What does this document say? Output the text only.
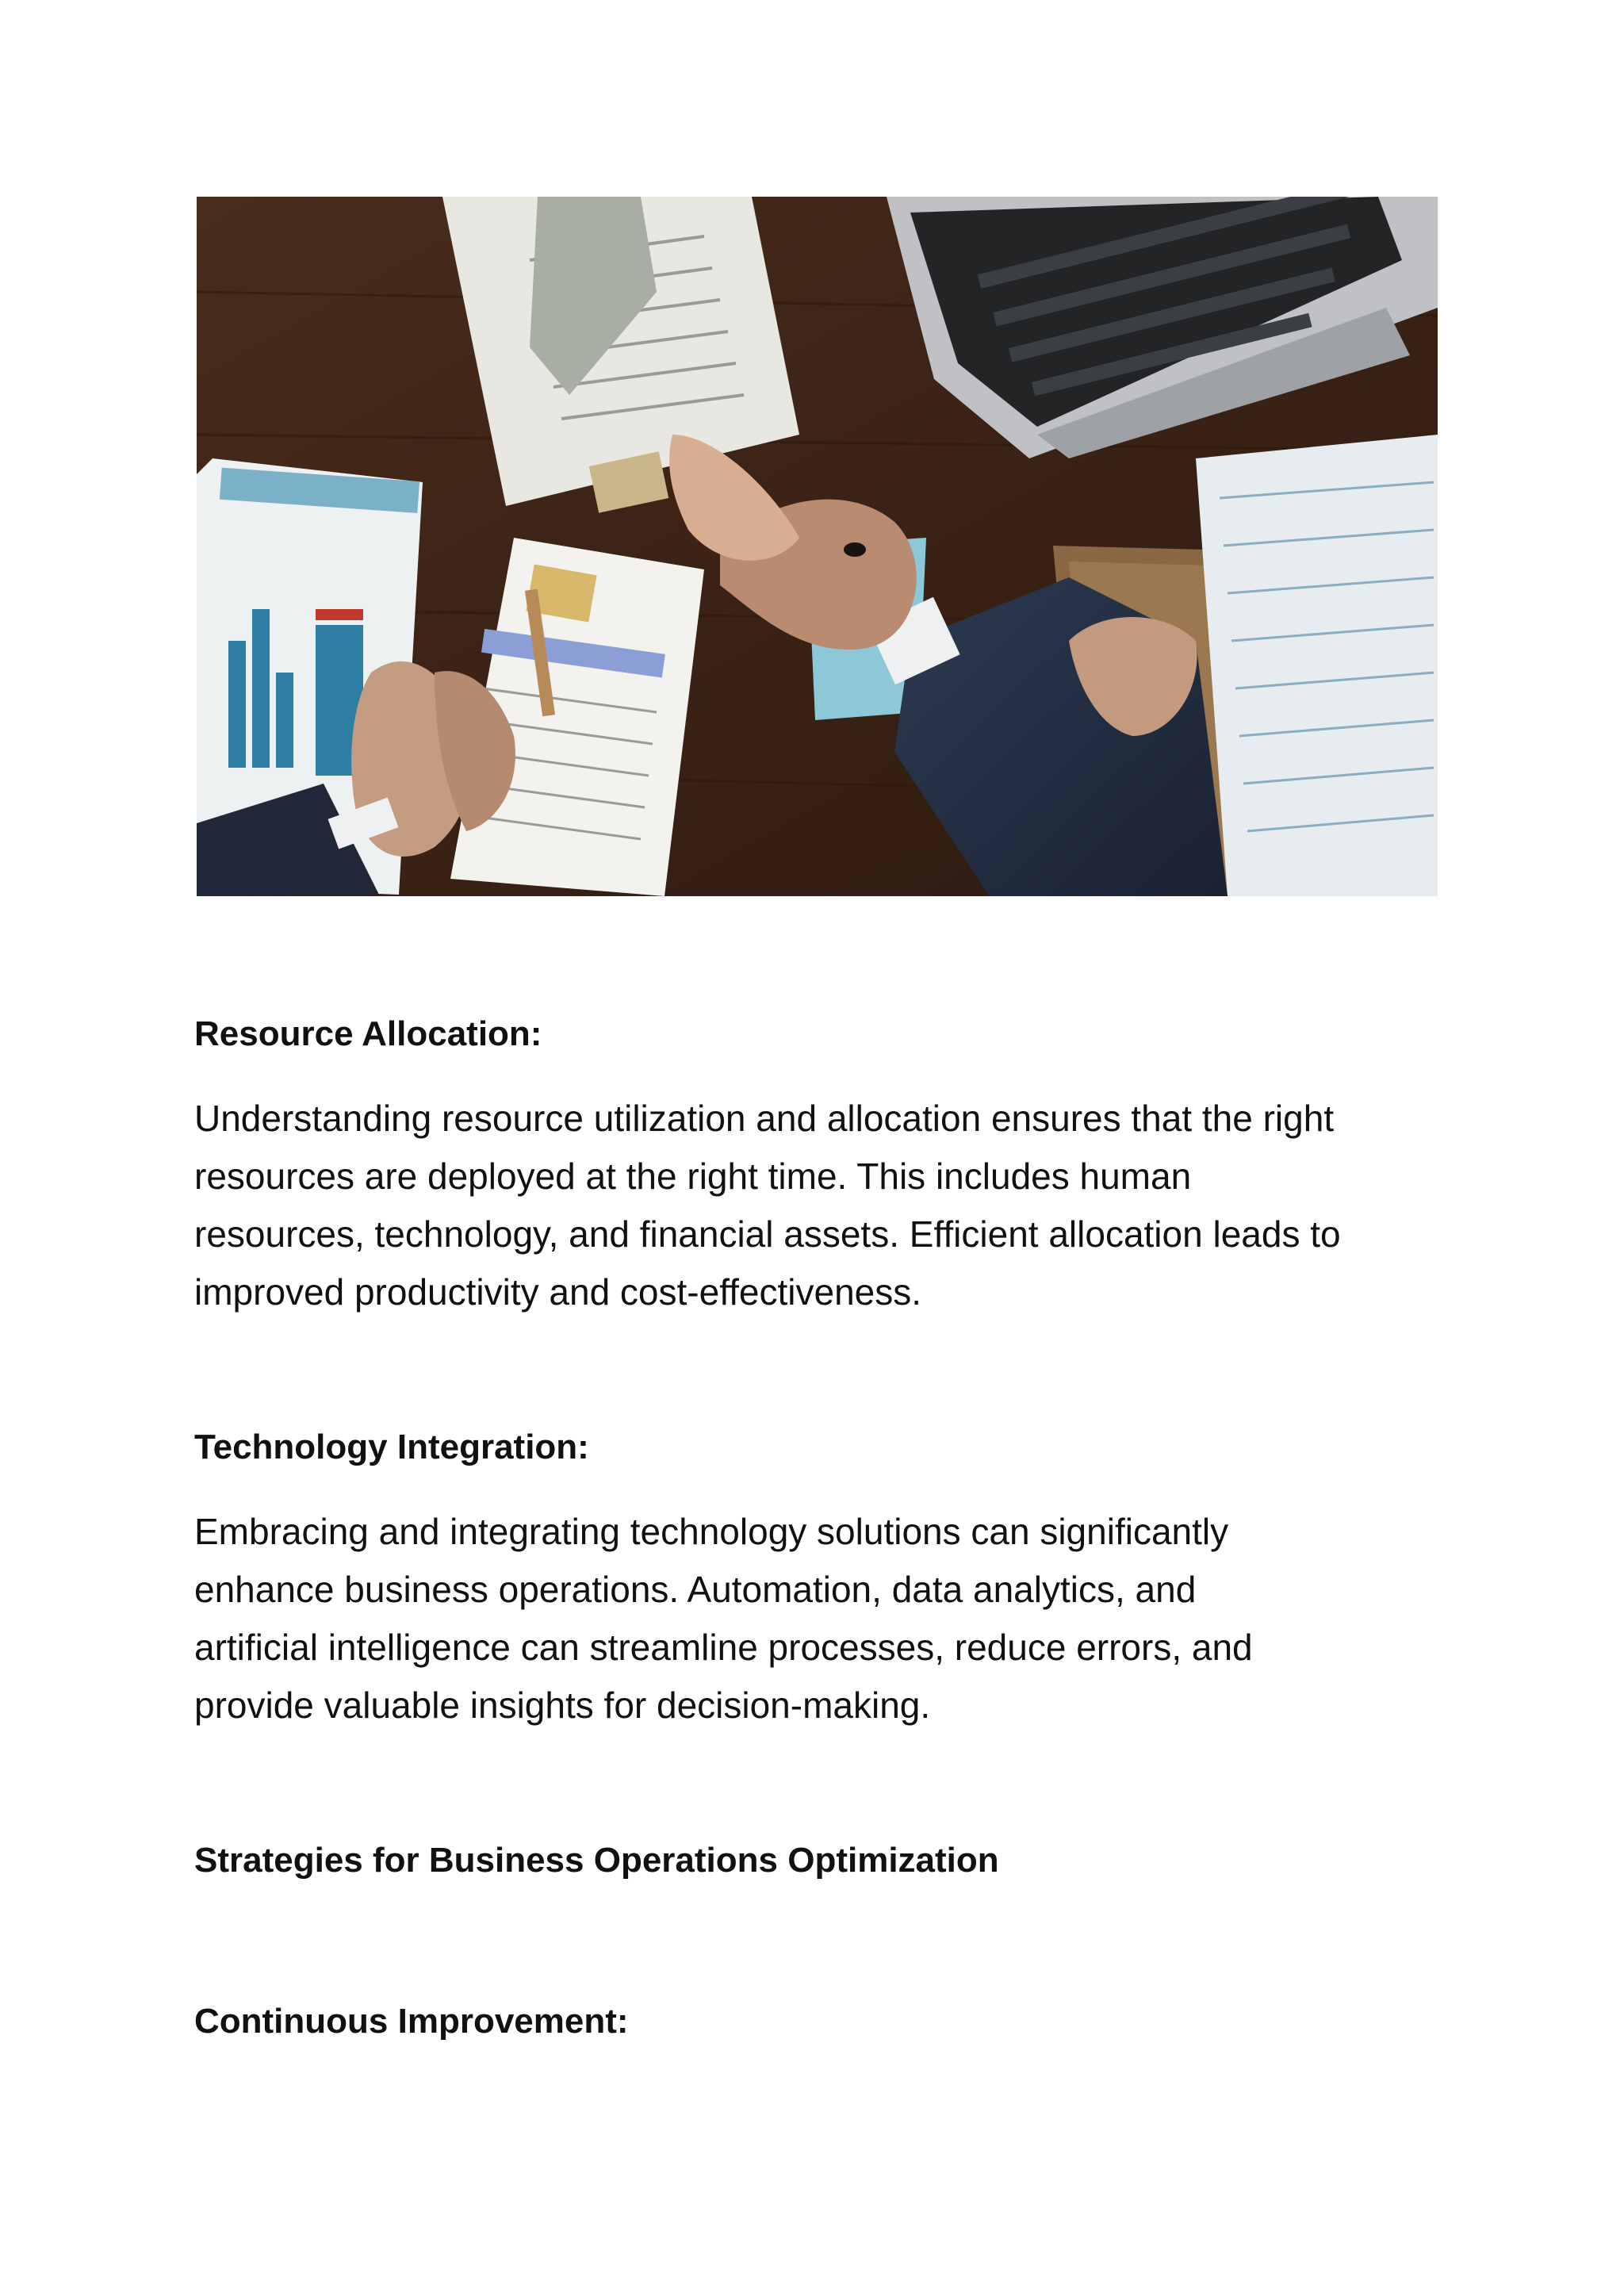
Resource Allocation:
Understanding resource utilization and allocation ensures that the right
resources are deployed at the right time. This includes human
resources, technology, and financial assets. Efficient allocation leads to
improved productivity and cost-effectiveness.
Technology Integration:
Embracing and integrating technology solutions can significantly
enhance business operations. Automation, data analytics, and
artificial intelligence can streamline processes, reduce errors, and
provide valuable insights for decision-making.
Strategies for Business Operations Optimization
Continuous Improvement:
